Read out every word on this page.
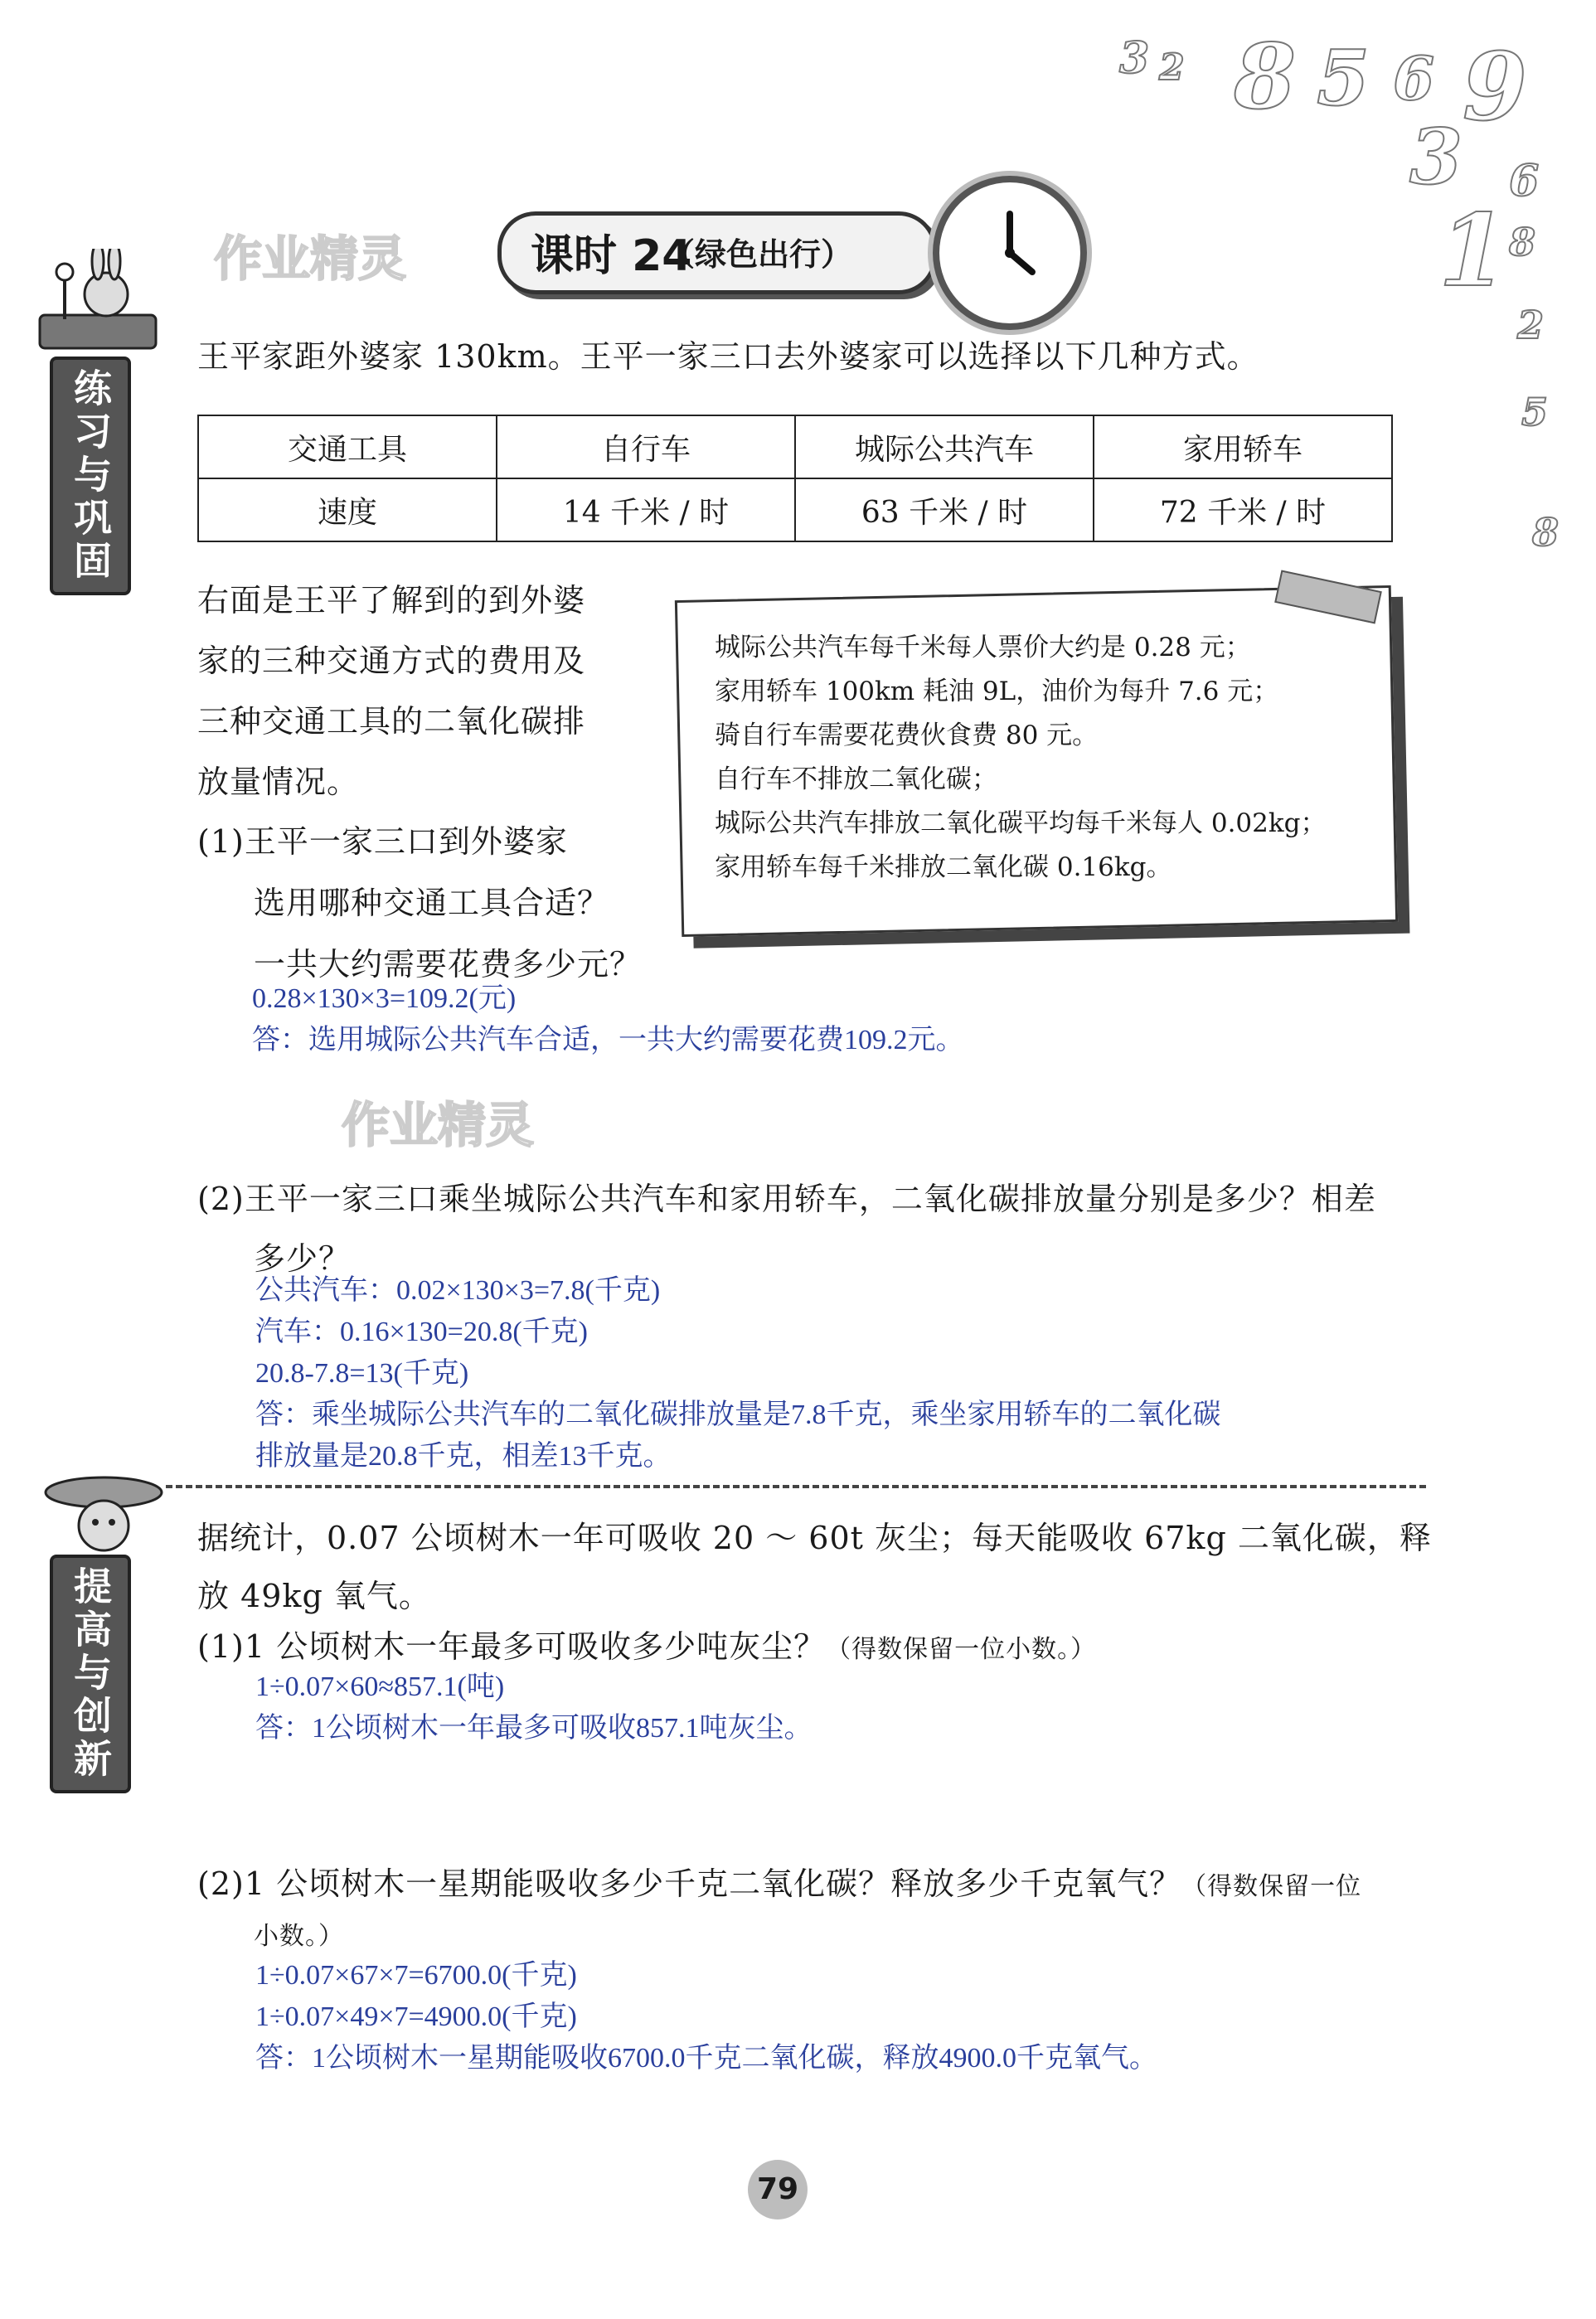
3 2 8 5 6 9
3 6
1 8
2
5
8
作业精灵
作业精灵
练习与巩固
提高与创新
课时 24
（绿色出行）
王平家距外婆家 130km。王平一家三口去外婆家可以选择以下几种方式。
交通工具	自行车	城际公共汽车	家用轿车
速度	14 千米 / 时	63 千米 / 时	72 千米 / 时
右面是王平了解到的到外婆
家的三种交通方式的费用及
三种交通工具的二氧化碳排
放量情况。
城际公共汽车每千米每人票价大约是 0.28 元；
家用轿车 100km 耗油 9L，油价为每升 7.6 元；
骑自行车需要花费伙食费 80 元。
自行车不排放二氧化碳；
城际公共汽车排放二氧化碳平均每千米每人 0.02kg；
家用轿车每千米排放二氧化碳 0.16kg。
(1)王平一家三口到外婆家
选用哪种交通工具合适？
一共大约需要花费多少元？
0.28×130×3=109.2(元)
答：选用城际公共汽车合适，一共大约需要花费109.2元。
(2)王平一家三口乘坐城际公共汽车和家用轿车，二氧化碳排放量分别是多少？相差
多少？
公共汽车：0.02×130×3=7.8(千克)
汽车：0.16×130=20.8(千克)
20.8-7.8=13(千克)
答：乘坐城际公共汽车的二氧化碳排放量是7.8千克，乘坐家用轿车的二氧化碳
排放量是20.8千克，相差13千克。
据统计，0.07 公顷树木一年可吸收 20 ～ 60t 灰尘；每天能吸收 67kg 二氧化碳，释
放 49kg 氧气。
(1)1 公顷树木一年最多可吸收多少吨灰尘？（得数保留一位小数。）
1÷0.07×60≈857.1(吨)
答：1公顷树木一年最多可吸收857.1吨灰尘。
(2)1 公顷树木一星期能吸收多少千克二氧化碳？释放多少千克氧气？（得数保留一位
小数。）
1÷0.07×67×7=6700.0(千克)
1÷0.07×49×7=4900.0(千克)
答：1公顷树木一星期能吸收6700.0千克二氧化碳，释放4900.0千克氧气。
79
